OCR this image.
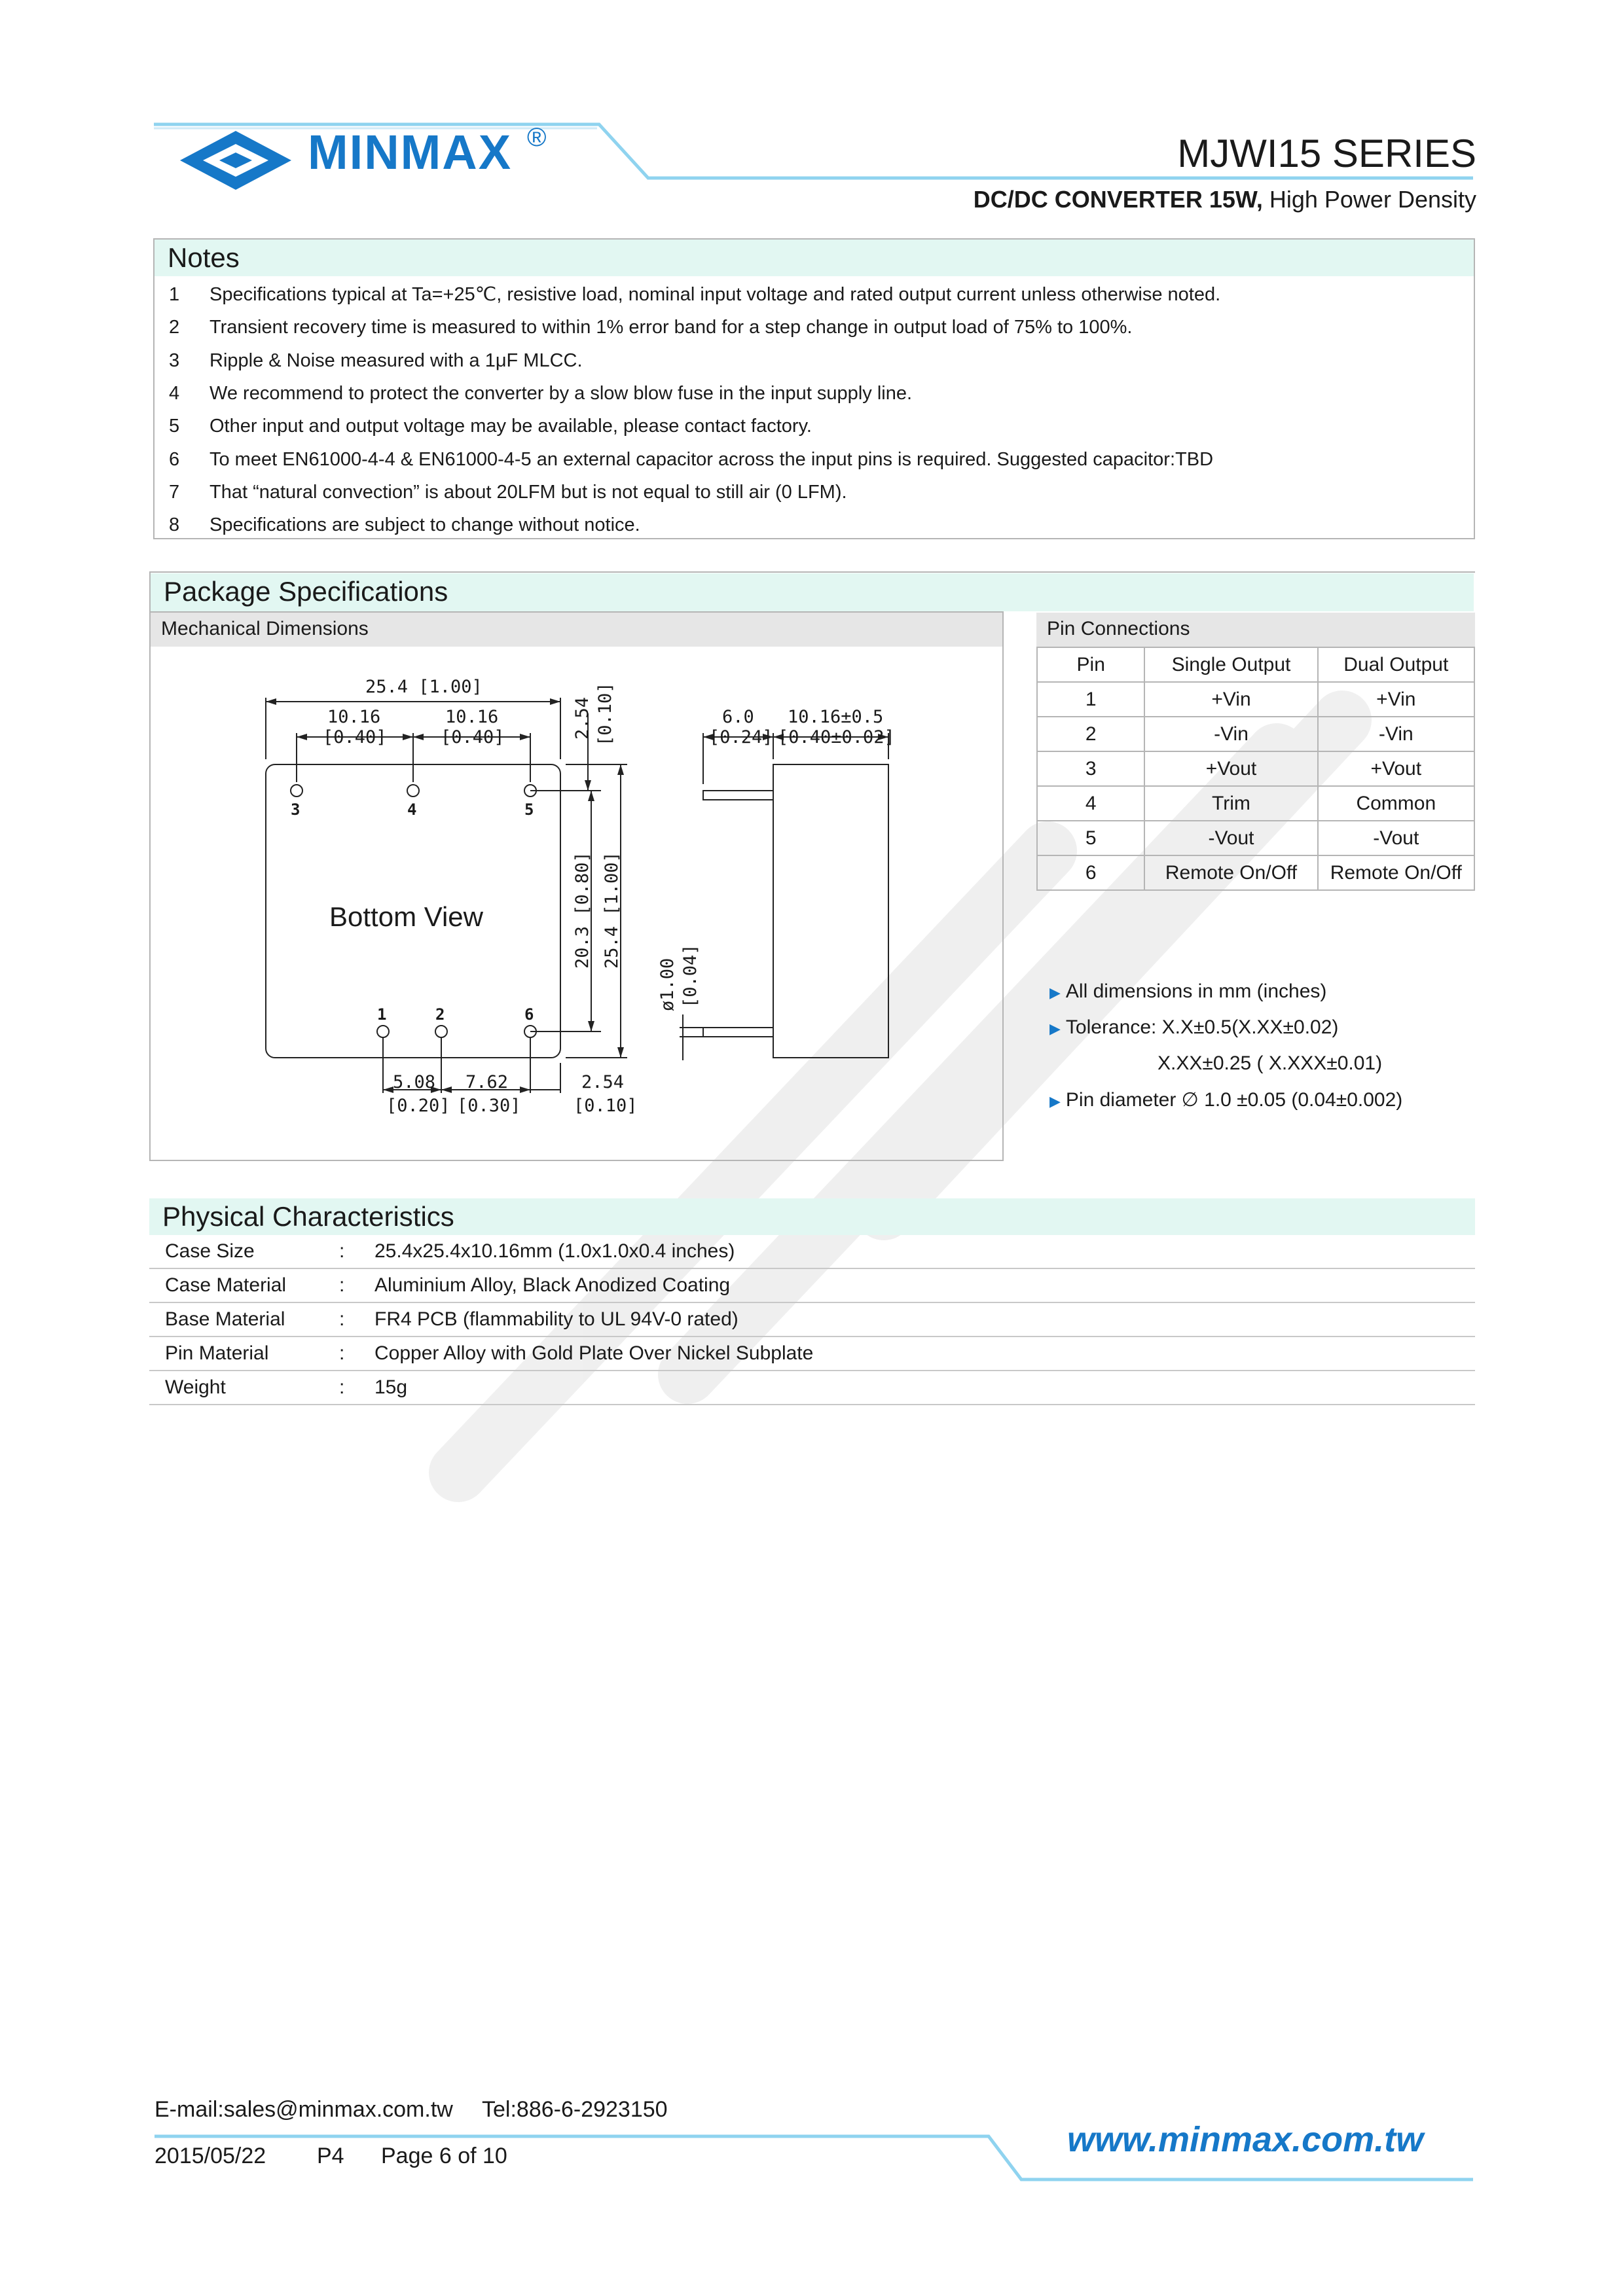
MINMAX ®	MJWI15 SERIES
DC/DC CONVERTER 15W, High Power Density
Notes
1	Specifications typical at Ta=+25℃, resistive load, nominal input voltage and rated output current unless otherwise noted.
2	Transient recovery time is measured to within 1% error band for a step change in output load of 75% to 100%.
3	Ripple & Noise measured with a 1μF MLCC.
4	We recommend to protect the converter by a slow blow fuse in the input supply line.
5	Other input and output voltage may be available, please contact factory.
6	To meet EN61000-4-4 & EN61000-4-5 an external capacitor across the input pins is required. Suggested capacitor:TBD
7	That “natural convection” is about 20LFM but is not equal to still air (0 LFM).
8	Specifications are subject to change without notice.
Package Specifications
Mechanical Dimensions	Pin Connections
25.4 [1.00]
10.16
[0.40]
10.16
[0.40]	2.54 [0.10]
20.3 [0.80] 25.4 [1.00]
5.08
[0.20]
7.62
[0.30]
2.54
[0.10]
6.0
[0.24]
10.16±0.5
[0.40±0.02]
ø1.00 [0.04]
3	4	5
1	2	6
Bottom View
Pin	Single Output	Dual Output
1	+Vin	+Vin
2	-Vin	-Vin
3	+Vout	+Vout
4	Trim	Common
5	-Vout	-Vout
6	Remote On/Off	Remote On/Off
▶ All dimensions in mm (inches)
▶ Tolerance: X.X±0.5(X.XX±0.02)
X.XX±0.25 ( X.XXX±0.01)
▶ Pin diameter ∅ 1.0 ±0.05 (0.04±0.002)
Physical Characteristics
Case Size	: 25.4x25.4x10.16mm (1.0x1.0x0.4 inches)
Case Material	: Aluminium Alloy, Black Anodized Coating
Base Material	: FR4 PCB (flammability to UL 94V-0 rated)
Pin Material	: Copper Alloy with Gold Plate Over Nickel Subplate
Weight	: 15g
E-mail:sales@minmax.com.tw Tel:886-6-2923150
2015/05/22 P4 Page 6 of 10	www.minmax.com.tw
